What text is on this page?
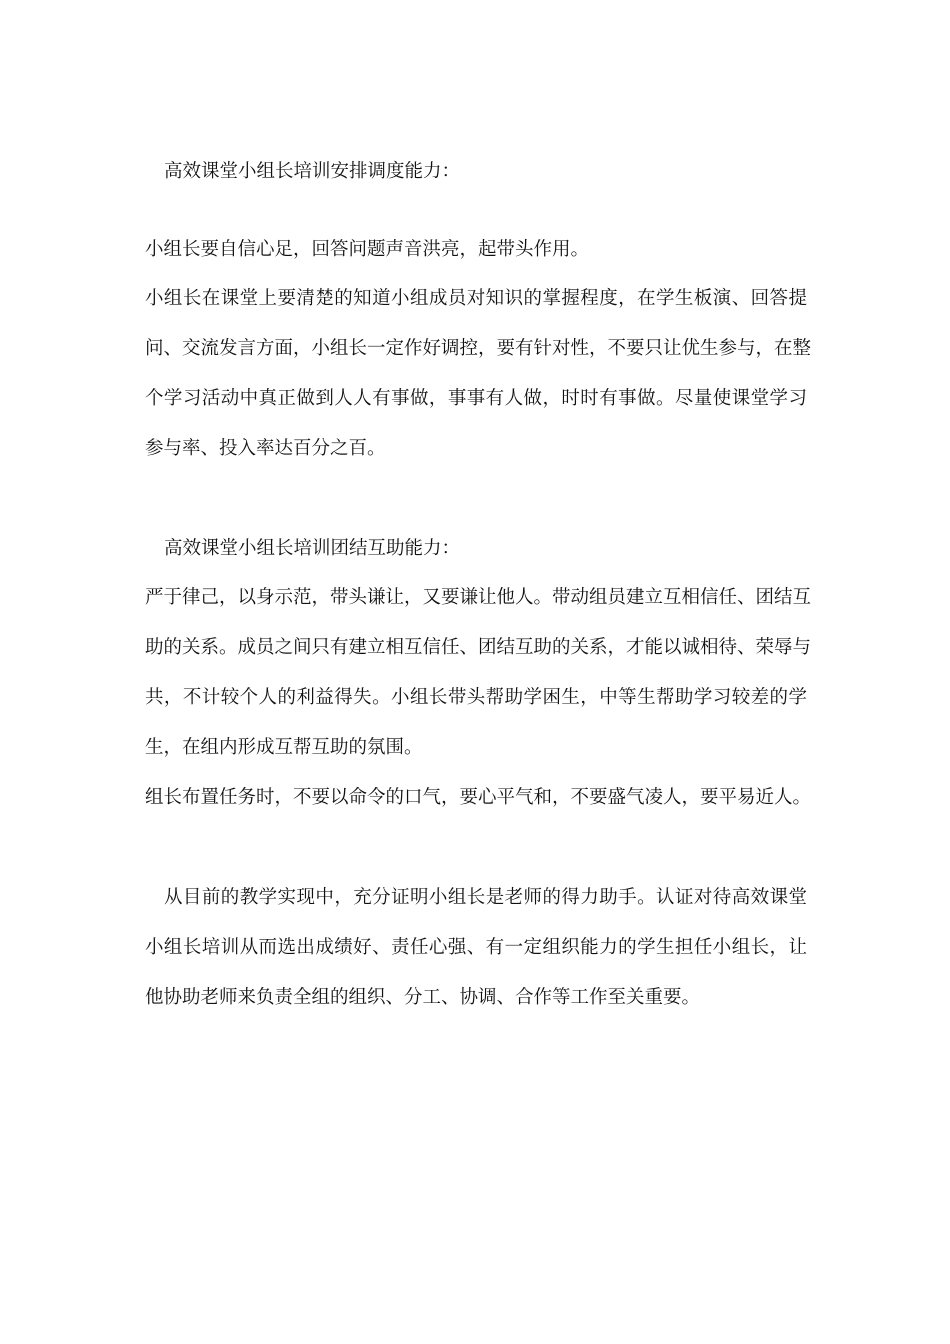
高效课堂小组长培训安排调度能力：
小组长要自信心足，回答问题声音洪亮，起带头作用。
小组长在课堂上要清楚的知道小组成员对知识的掌握程度，在学生板演、回答提
问、交流发言方面，小组长一定作好调控，要有针对性，不要只让优生参与，在整
个学习活动中真正做到人人有事做，事事有人做，时时有事做。尽量使课堂学习
参与率、投入率达百分之百。
高效课堂小组长培训团结互助能力：
严于律己，以身示范，带头谦让，又要谦让他人。带动组员建立互相信任、团结互
助的关系。成员之间只有建立相互信任、团结互助的关系，才能以诚相待、荣辱与
共，不计较个人的利益得失。小组长带头帮助学困生，中等生帮助学习较差的学
生，在组内形成互帮互助的氛围。
组长布置任务时，不要以命令的口气，要心平气和，不要盛气凌人，要平易近人。
从目前的教学实现中，充分证明小组长是老师的得力助手。认证对待高效课堂
小组长培训从而选出成绩好、责任心强、有一定组织能力的学生担任小组长，让
他协助老师来负责全组的组织、分工、协调、合作等工作至关重要。
